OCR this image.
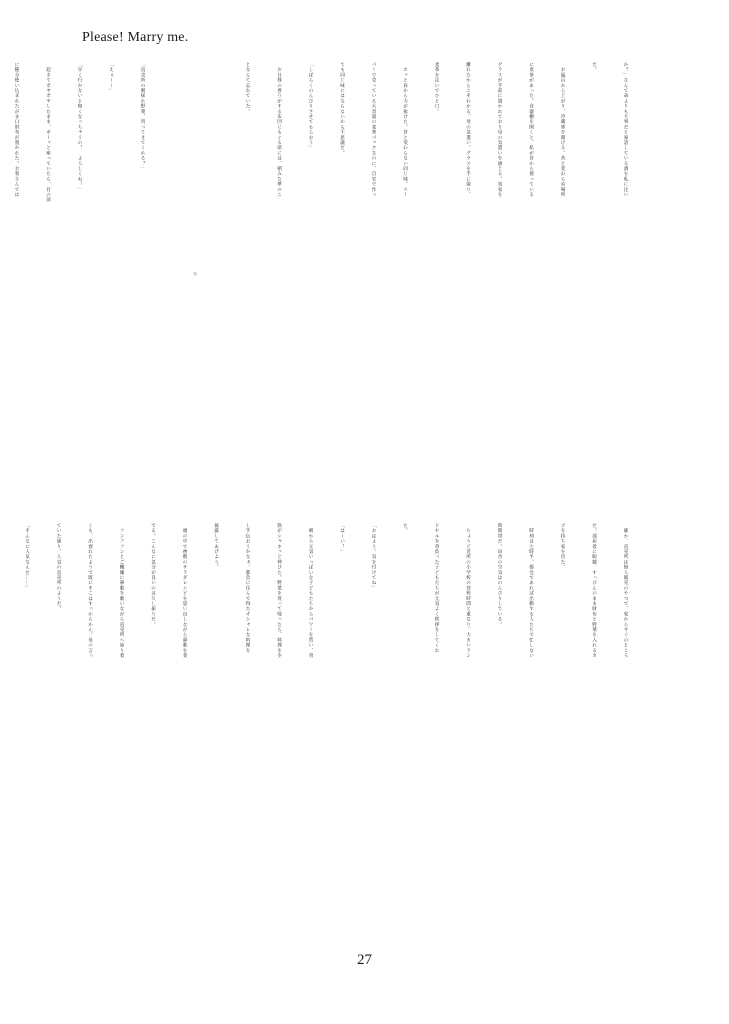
Please! Marry me.

か？」なんて命よりも大事だと豪語している酒を私に注い

だ。

　お風呂から上がり、冷蔵庫を開ける。昔と変わらぬ場所

に麦茶があった。食器棚を開くと、私が昔から使っている

グラスが手前に置かれており母の気遣いを感じる。実家を

離れたからこそわかる、母の気遣い。グラスを手に取り、

麦茶を注いでひと口。

　ホッと肩から力が抜けた。昔と変わらない同じ味。スー

パーで売っている大容量の麦茶パックなのに、自宅で作っ

ても同じ味にはならないから不思議だ。

「しばらくのんびりさせてもらおう」

　お日様の香りがする布団にもぐる頃には、朝みた夢のこ

となんて忘れていた。

◇

「直売所の朝採れ野菜、買ってきてくれる？」

「えぇ～～」

「早く行かないと無くなっちゃうの！　よろしくね！」

　起きてポヤポヤしたまま、ボーッと座っていたら、目の前

に随分使い込まれたがま口財布が置かれた。お客さんでは

　確か、直売所は無人販売のやつで、家からすぐのところ

だ。部屋着に眼鏡、すっぴんのまま財布と野菜を入れるカ

ゴを持ち家を出た。

　時刻は七時半。都会であれば出勤する人たちで忙しない

時間帯だ。田舎の空気はのんびりしている。

　ちょうど近所の小学校の登校時間と重なり、大きいラン

ドセルを背負った子どもたちが元気よく挨拶をしてくれ

た。

「おはよう。気を付けてね」

「は～い！」

　朝から元気いっぱいな子どもたちからパワーを貰い、背

筋がシャキッと伸びた。野菜を買って帰ったら、料理を少

し手伝おうかなぁ。都会に住んで得たオシャレな料理を

披露してあげよう。

　頭の中で複数のサラダレシピを思い出しながら鼻歌を奏

でる。こんなに気分が良いのは久し振りだ。

　フンフフンとご機嫌に鼻歌を歌いながら直売所へ辿り着

くも、出遅れたようで既にそこはすっからかん。母の言っ

ていた通り、人気の直売所のようだ。

「そんなに人気なんだ……」

27
